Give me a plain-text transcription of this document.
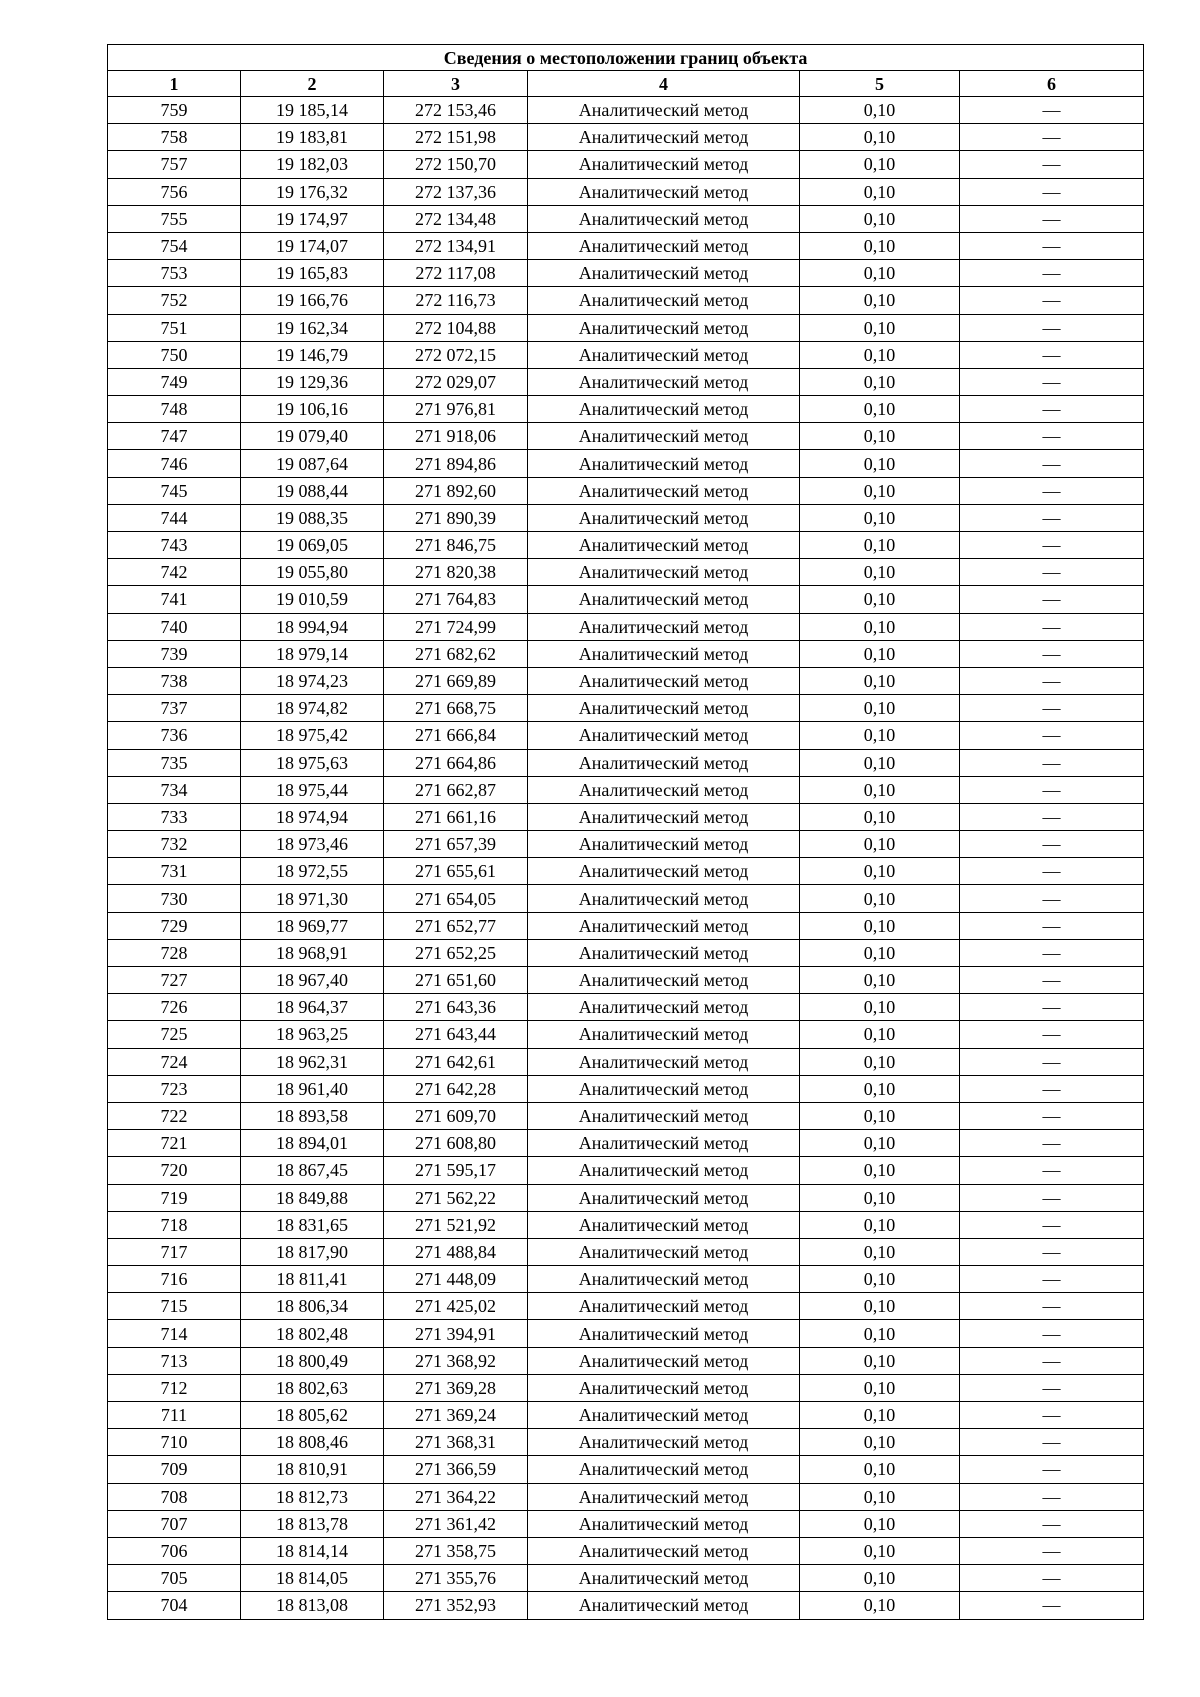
Сведения о местоположении границ объекта					
1	2	3	4	5	6
759	19 185,14	272 153,46	Аналитический метод	0,10	—
758	19 183,81	272 151,98	Аналитический метод	0,10	—
757	19 182,03	272 150,70	Аналитический метод	0,10	—
756	19 176,32	272 137,36	Аналитический метод	0,10	—
755	19 174,97	272 134,48	Аналитический метод	0,10	—
754	19 174,07	272 134,91	Аналитический метод	0,10	—
753	19 165,83	272 117,08	Аналитический метод	0,10	—
752	19 166,76	272 116,73	Аналитический метод	0,10	—
751	19 162,34	272 104,88	Аналитический метод	0,10	—
750	19 146,79	272 072,15	Аналитический метод	0,10	—
749	19 129,36	272 029,07	Аналитический метод	0,10	—
748	19 106,16	271 976,81	Аналитический метод	0,10	—
747	19 079,40	271 918,06	Аналитический метод	0,10	—
746	19 087,64	271 894,86	Аналитический метод	0,10	—
745	19 088,44	271 892,60	Аналитический метод	0,10	—
744	19 088,35	271 890,39	Аналитический метод	0,10	—
743	19 069,05	271 846,75	Аналитический метод	0,10	—
742	19 055,80	271 820,38	Аналитический метод	0,10	—
741	19 010,59	271 764,83	Аналитический метод	0,10	—
740	18 994,94	271 724,99	Аналитический метод	0,10	—
739	18 979,14	271 682,62	Аналитический метод	0,10	—
738	18 974,23	271 669,89	Аналитический метод	0,10	—
737	18 974,82	271 668,75	Аналитический метод	0,10	—
736	18 975,42	271 666,84	Аналитический метод	0,10	—
735	18 975,63	271 664,86	Аналитический метод	0,10	—
734	18 975,44	271 662,87	Аналитический метод	0,10	—
733	18 974,94	271 661,16	Аналитический метод	0,10	—
732	18 973,46	271 657,39	Аналитический метод	0,10	—
731	18 972,55	271 655,61	Аналитический метод	0,10	—
730	18 971,30	271 654,05	Аналитический метод	0,10	—
729	18 969,77	271 652,77	Аналитический метод	0,10	—
728	18 968,91	271 652,25	Аналитический метод	0,10	—
727	18 967,40	271 651,60	Аналитический метод	0,10	—
726	18 964,37	271 643,36	Аналитический метод	0,10	—
725	18 963,25	271 643,44	Аналитический метод	0,10	—
724	18 962,31	271 642,61	Аналитический метод	0,10	—
723	18 961,40	271 642,28	Аналитический метод	0,10	—
722	18 893,58	271 609,70	Аналитический метод	0,10	—
721	18 894,01	271 608,80	Аналитический метод	0,10	—
720	18 867,45	271 595,17	Аналитический метод	0,10	—
719	18 849,88	271 562,22	Аналитический метод	0,10	—
718	18 831,65	271 521,92	Аналитический метод	0,10	—
717	18 817,90	271 488,84	Аналитический метод	0,10	—
716	18 811,41	271 448,09	Аналитический метод	0,10	—
715	18 806,34	271 425,02	Аналитический метод	0,10	—
714	18 802,48	271 394,91	Аналитический метод	0,10	—
713	18 800,49	271 368,92	Аналитический метод	0,10	—
712	18 802,63	271 369,28	Аналитический метод	0,10	—
711	18 805,62	271 369,24	Аналитический метод	0,10	—
710	18 808,46	271 368,31	Аналитический метод	0,10	—
709	18 810,91	271 366,59	Аналитический метод	0,10	—
708	18 812,73	271 364,22	Аналитический метод	0,10	—
707	18 813,78	271 361,42	Аналитический метод	0,10	—
706	18 814,14	271 358,75	Аналитический метод	0,10	—
705	18 814,05	271 355,76	Аналитический метод	0,10	—
704	18 813,08	271 352,93	Аналитический метод	0,10	—
